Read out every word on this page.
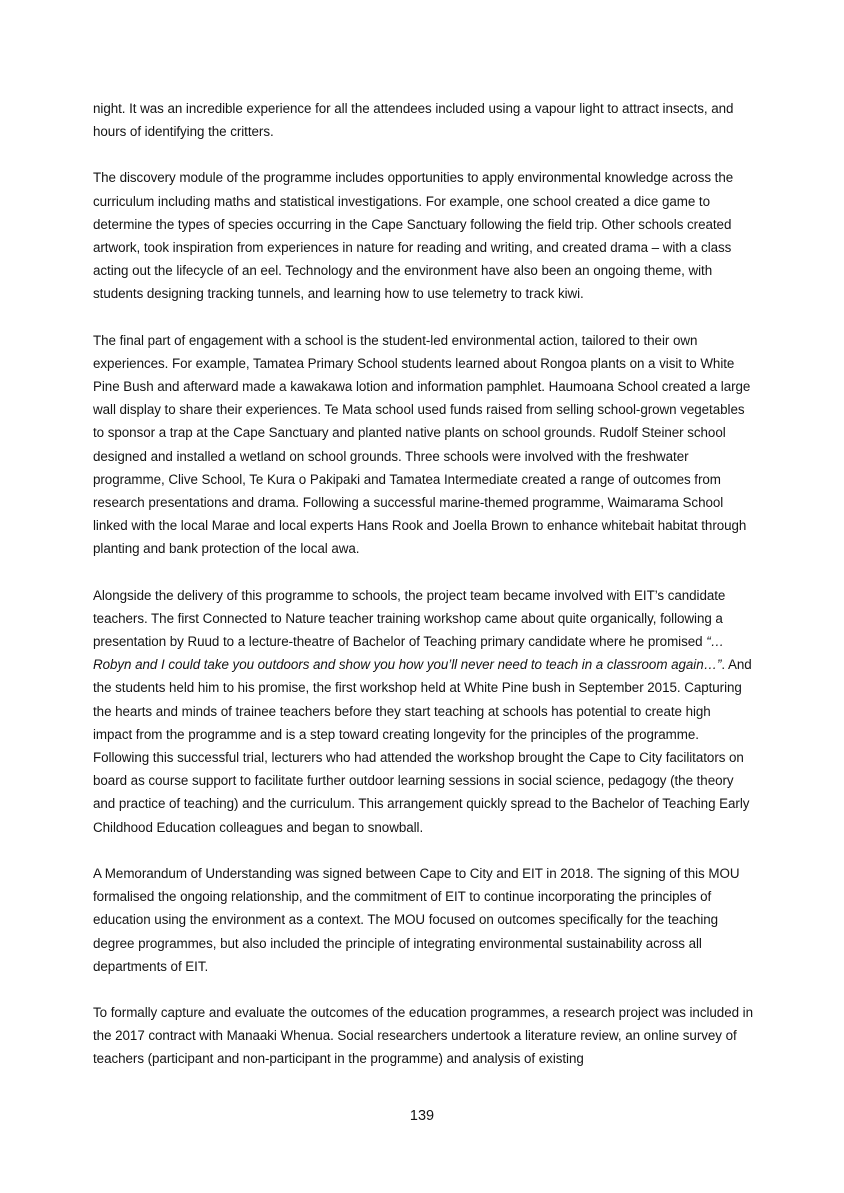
night. It was an incredible experience for all the attendees included using a vapour light to attract insects, and hours of identifying the critters.

The discovery module of the programme includes opportunities to apply environmental knowledge across the curriculum including maths and statistical investigations. For example, one school created a dice game to determine the types of species occurring in the Cape Sanctuary following the field trip. Other schools created artwork, took inspiration from experiences in nature for reading and writing, and created drama – with a class acting out the lifecycle of an eel. Technology and the environment have also been an ongoing theme, with students designing tracking tunnels, and learning how to use telemetry to track kiwi.

The final part of engagement with a school is the student-led environmental action, tailored to their own experiences. For example, Tamatea Primary School students learned about Rongoa plants on a visit to White Pine Bush and afterward made a kawakawa lotion and information pamphlet. Haumoana School created a large wall display to share their experiences. Te Mata school used funds raised from selling school-grown vegetables to sponsor a trap at the Cape Sanctuary and planted native plants on school grounds. Rudolf Steiner school designed and installed a wetland on school grounds. Three schools were involved with the freshwater programme, Clive School, Te Kura o Pakipaki and Tamatea Intermediate created a range of outcomes from research presentations and drama. Following a successful marine-themed programme, Waimarama School linked with the local Marae and local experts Hans Rook and Joella Brown to enhance whitebait habitat through planting and bank protection of the local awa.

Alongside the delivery of this programme to schools, the project team became involved with EIT’s candidate teachers. The first Connected to Nature teacher training workshop came about quite organically, following a presentation by Ruud to a lecture-theatre of Bachelor of Teaching primary candidate where he promised “… Robyn and I could take you outdoors and show you how you’ll never need to teach in a classroom again…”. And the students held him to his promise, the first workshop held at White Pine bush in September 2015. Capturing the hearts and minds of trainee teachers before they start teaching at schools has potential to create high impact from the programme and is a step toward creating longevity for the principles of the programme. Following this successful trial, lecturers who had attended the workshop brought the Cape to City facilitators on board as course support to facilitate further outdoor learning sessions in social science, pedagogy (the theory and practice of teaching) and the curriculum. This arrangement quickly spread to the Bachelor of Teaching Early Childhood Education colleagues and began to snowball.

A Memorandum of Understanding was signed between Cape to City and EIT in 2018. The signing of this MOU formalised the ongoing relationship, and the commitment of EIT to continue incorporating the principles of education using the environment as a context. The MOU focused on outcomes specifically for the teaching degree programmes, but also included the principle of integrating environmental sustainability across all departments of EIT.

To formally capture and evaluate the outcomes of the education programmes, a research project was included in the 2017 contract with Manaaki Whenua. Social researchers undertook a literature review, an online survey of teachers (participant and non-participant in the programme) and analysis of existing

139
